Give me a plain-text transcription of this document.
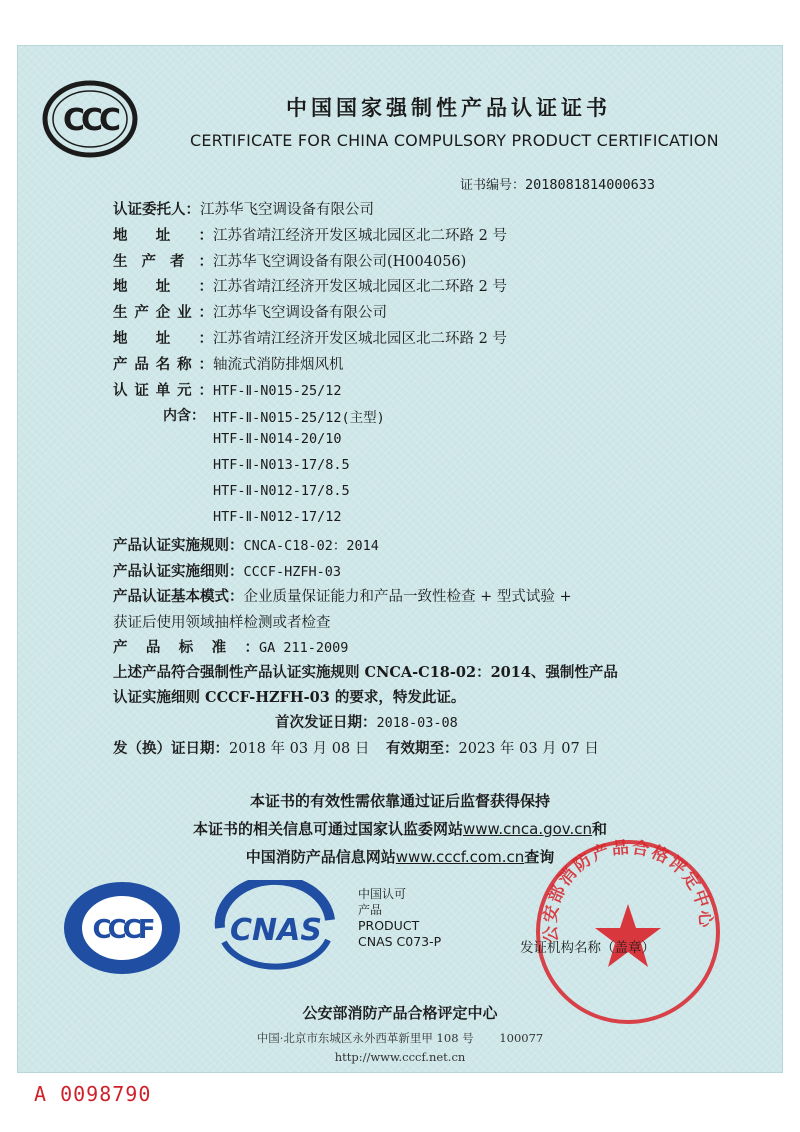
CCC	中国国家强制性产品认证证书
CERTIFICATE FOR CHINA COMPULSORY PRODUCT CERTIFICATION
证书编号：2018081814000633
认证委托人：江苏华飞空调设备有限公司
地址：江苏省靖江经济开发区城北园区北二环路 2 号
生产者：江苏华飞空调设备有限公司(H004056)
地址：江苏省靖江经济开发区城北园区北二环路 2 号
生产企业：江苏华飞空调设备有限公司
地址：江苏省靖江经济开发区城北园区北二环路 2 号
产品名称：轴流式消防排烟风机
认证单元：HTF-Ⅱ-N015-25/12
内含： HTF-Ⅱ-N015-25/12(主型)
HTF-Ⅱ-N014-20/10
HTF-Ⅱ-N013-17/8.5
HTF-Ⅱ-N012-17/8.5
HTF-Ⅱ-N012-17/12
产品认证实施规则：CNCA-C18-02：2014
产品认证实施细则：CCCF-HZFH-03
产品认证基本模式：企业质量保证能力和产品一致性检查 + 型式试验 +
获证后使用领域抽样检测或者检查
产品标准：GA 211-2009
上述产品符合强制性产品认证实施规则 CNCA-C18-02：2014、强制性产品
认证实施细则 CCCF-HZFH-03 的要求，特发此证。
首次发证日期：2018-03-08
发（换）证日期：2018 年 03 月 08 日 有效期至：2023 年 03 月 07 日
本证书的有效性需依靠通过证后监督获得保持
本证书的相关信息可通过国家认监委网站www.cnca.gov.cn和
中国消防产品信息网站www.cccf.com.cn查询
CCCF	CNAS
中国认可
产品
PRODUCT
CNAS C073-P	公安部消防产品合格评定中心
发证机构名称（盖章）
公安部消防产品合格评定中心
中国·北京市东城区永外西革新里甲 108 号 100077
http://www.cccf.net.cn
A 0098790
